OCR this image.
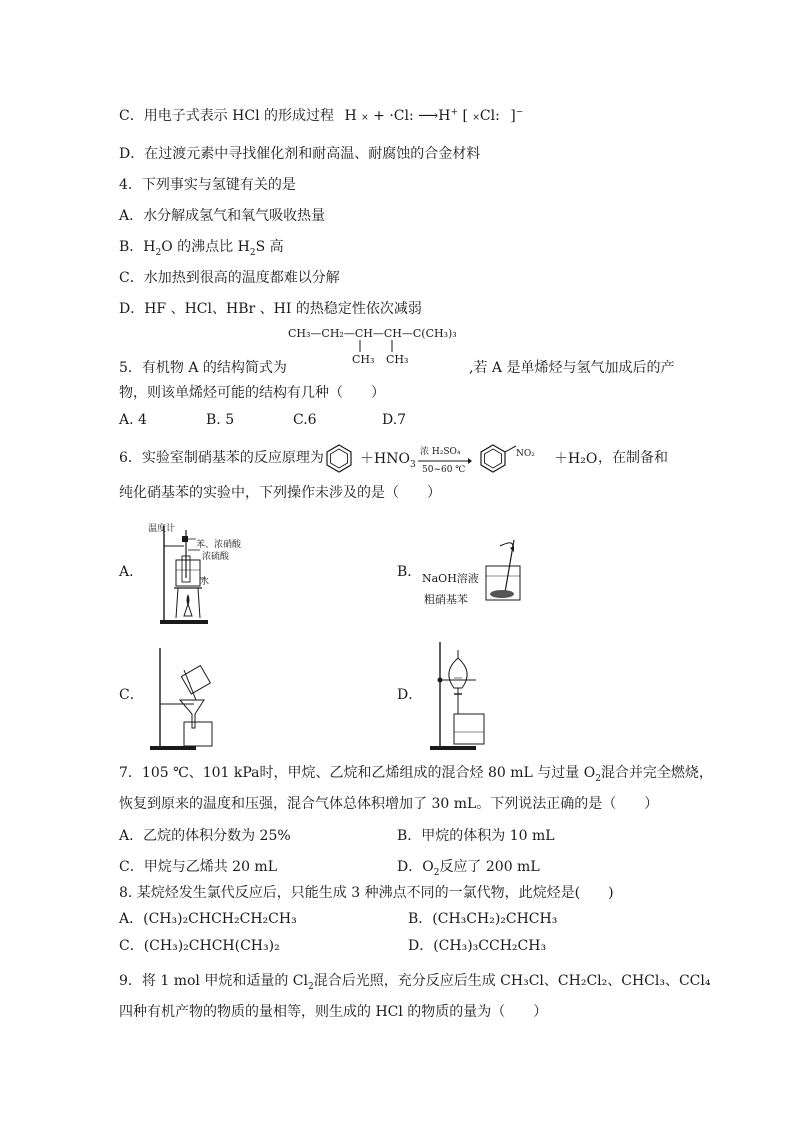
C．用电子式表示 HCl 的形成过程 H × + ·Cl: ⟶H+ [ ×Cl: ]−
D．在过渡元素中寻找催化剂和耐高温、耐腐蚀的合金材料
4．下列事实与氢键有关的是
A．水分解成氢气和氧气吸收热量
B．$H_2O$ 的沸点比 $H_2S$ 高
C．水加热到很高的温度都难以分解
D．HF 、HCl、HBr 、HI 的热稳定性依次减弱
CH₃—CH₂—CH—CH—C(CH₃)₃
CH₃ CH₃
5．有机物 A 的结构简式为	,若 A 是单烯烃与氢气加成后的产
物，则该单烯烃可能的结构有几种（　　）
A. 4	B. 5	C.6	D.7
6．实验室制硝基苯的反应原理为	$+HNO_3$
浓 H₂SO₄
50~60 ℃
NO₂ ＋H₂O ，在制备和
纯化硝基苯的实验中，下列操作未涉及的是（　　）
A．
温度计
苯、浓硝酸
浓硫酸
水
B． NaOH溶液
粗硝基苯
C．	D．
7．105 ℃、101 kPa时，甲烷、乙烷和乙烯组成的混合烃 80 mL 与过量 $O_2$混合并完全燃烧，
恢复到原来的温度和压强，混合气体总体积增加了 30 mL。下列说法正确的是（　　）
A．乙烷的体积分数为 25%	B．甲烷的体积为 10 mL
C．甲烷与乙烯共 20 mL	D．$O_2$反应了 200 mL
8. 某烷烃发生氯代反应后，只能生成 3 种沸点不同的一氯代物，此烷烃是(　　)
A．(CH₃)₂CHCH₂CH₂CH₃	B．(CH₃CH₂)₂CHCH₃
C．(CH₃)₂CHCH(CH₃)₂	D．(CH₃)₃CCH₂CH₃
9．将 1 mol 甲烷和适量的 $Cl_2$混合后光照，充分反应后生成 CH₃Cl、CH₂Cl₂、CHCl₃、CCl₄
四种有机产物的物质的量相等，则生成的 HCl 的物质的量为（　　）
